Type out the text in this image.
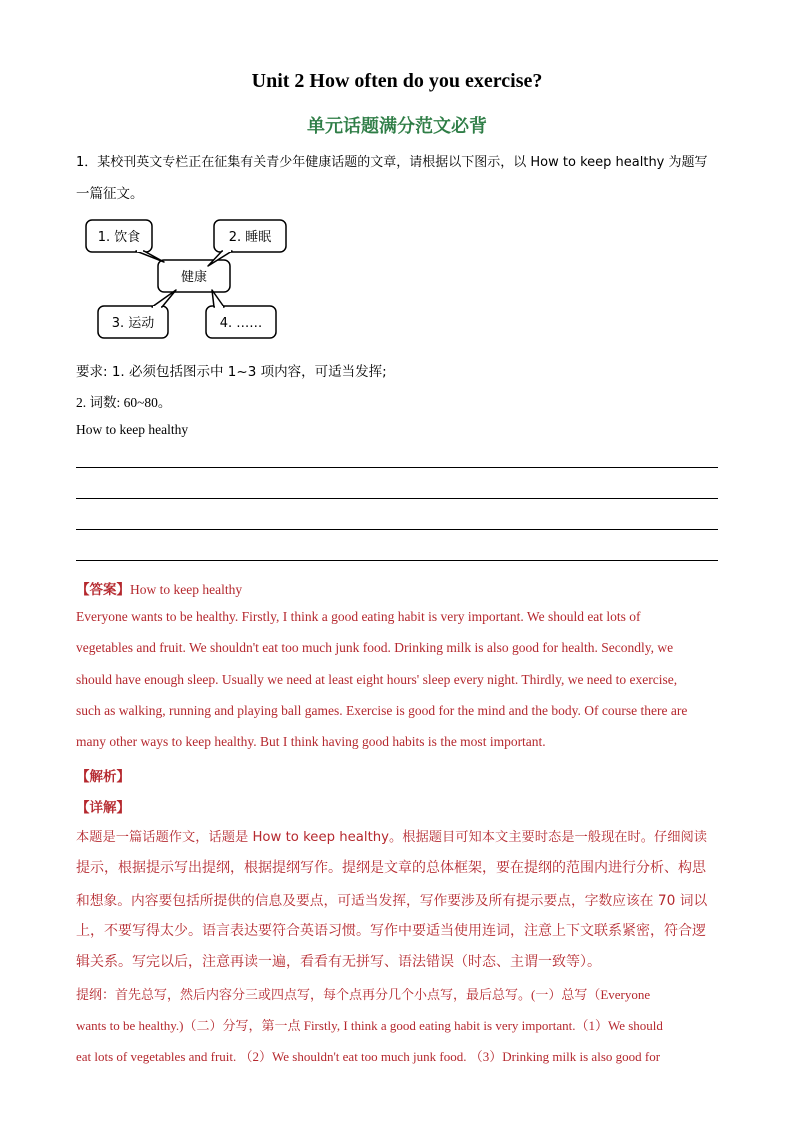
Unit 2 How often do you exercise?
单元话题满分范文必背
1．某校刊英文专栏正在征集有关青少年健康话题的文章，请根据以下图示，以 How to keep healthy 为题写
一篇征文。
健康
1. 饮食	2. 睡眠
3. 运动	4. ……
要求: 1. 必须包括图示中 1~3 项内容，可适当发挥;
2. 词数: 60~80。
How to keep healthy
【答案】How to keep healthy
Everyone wants to be healthy. Firstly, I think a good eating habit is very important. We should eat lots of
vegetables and fruit. We shouldn't eat too much junk food. Drinking milk is also good for health. Secondly, we
should have enough sleep. Usually we need at least eight hours' sleep every night. Thirdly, we need to exercise,
such as walking, running and playing ball games. Exercise is good for the mind and the body. Of course there are
many other ways to keep healthy. But I think having good habits is the most important.
【解析】
【详解】
本题是一篇话题作文，话题是 How to keep healthy。根据题目可知本文主要时态是一般现在时。仔细阅读
提示，根据提示写出提纲，根据提纲写作。提纲是文章的总体框架，要在提纲的范围内进行分析、构思
和想象。内容要包括所提供的信息及要点，可适当发挥，写作要涉及所有提示要点，字数应该在 70 词以
上，不要写得太少。语言表达要符合英语习惯。写作中要适当使用连词，注意上下文联系紧密，符合逻
辑关系。写完以后，注意再读一遍，看看有无拼写、语法错误（时态、主谓一致等）。
提纲：首先总写，然后内容分三或四点写，每个点再分几个小点写，最后总写。(一）总写（Everyone
wants to be healthy.)（二）分写，第一点 Firstly, I think a good eating habit is very important.（1）We should
eat lots of vegetables and fruit. （2）We shouldn't eat too much junk food. （3）Drinking milk is also good for
